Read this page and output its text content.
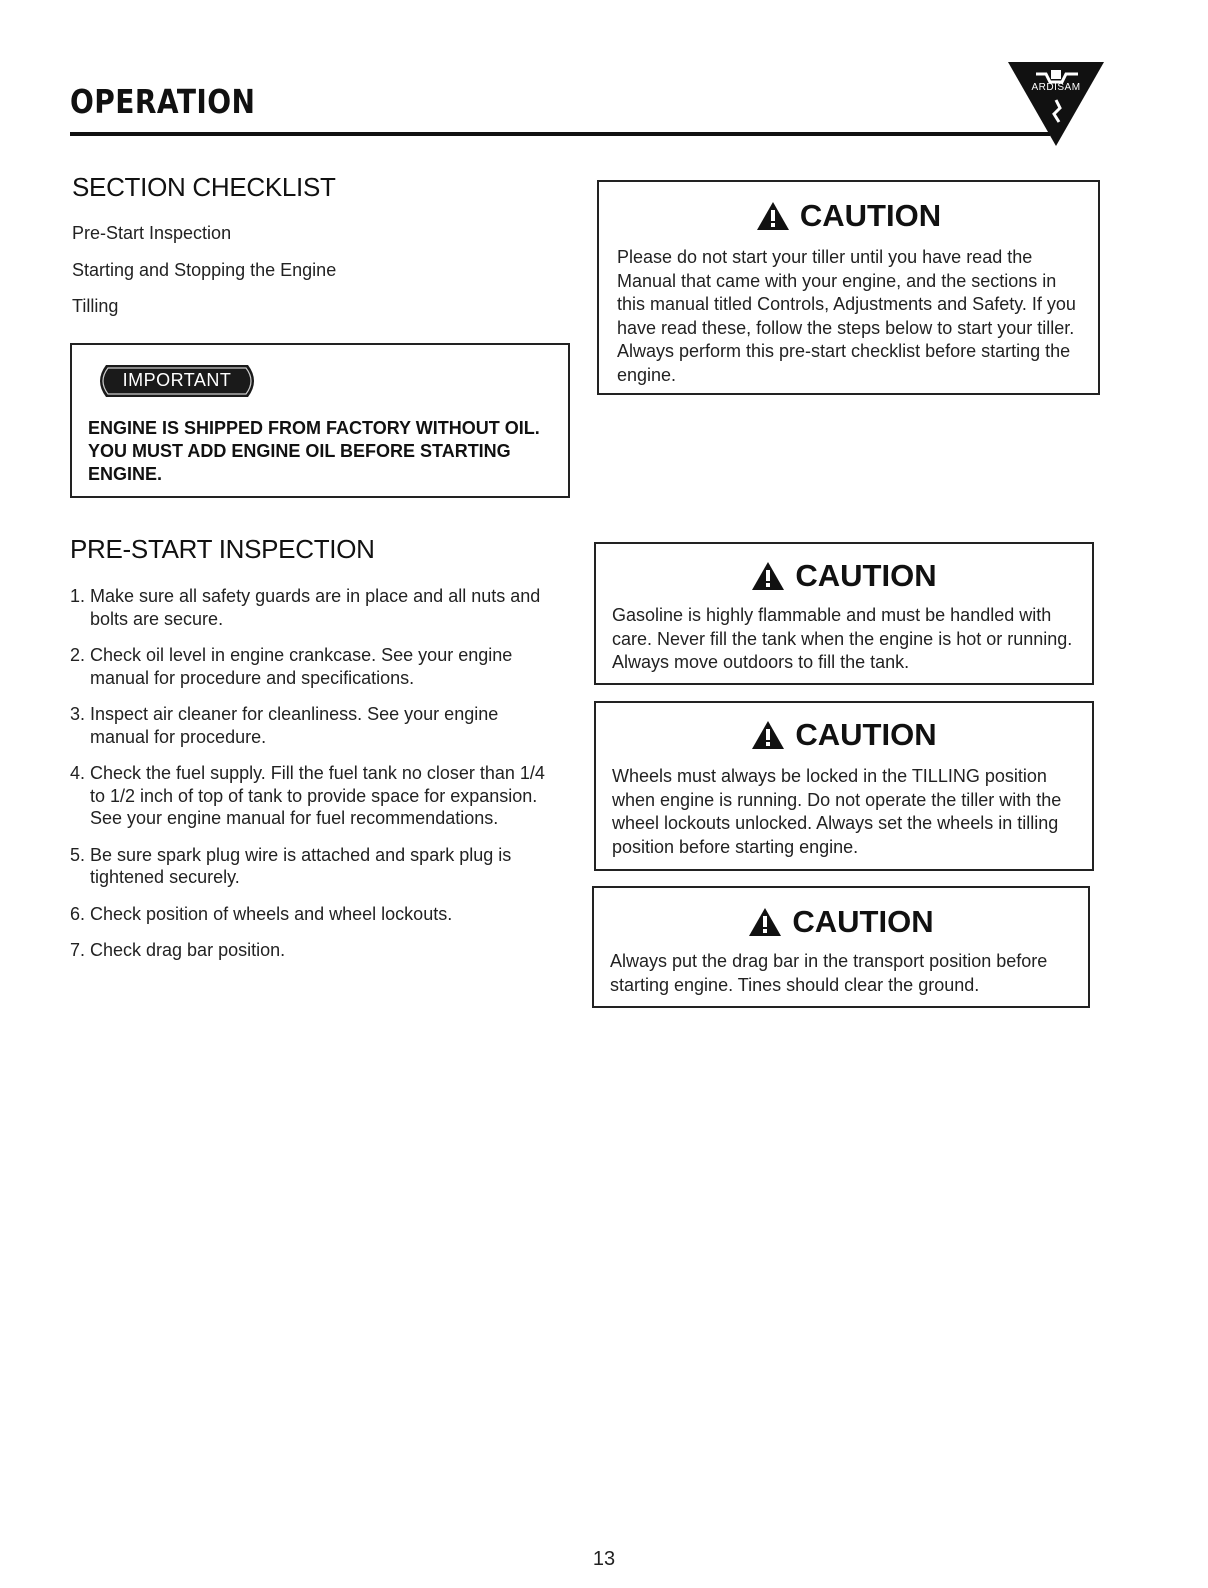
OPERATION	ARDISAM
SECTION CHECKLIST
Pre-Start Inspection
Starting and Stopping the Engine
Tilling
IMPORTANT
ENGINE IS SHIPPED FROM FACTORY WITHOUT OIL. YOU MUST ADD ENGINE OIL BEFORE STARTING ENGINE.
CAUTION
Please do not start your tiller until you have read the Manual that came with your engine, and the sections in this manual titled Controls, Adjustments and Safety. If you have read these, follow the steps below to start your tiller. Always perform this pre-start checklist before starting the engine.
PRE-START INSPECTION
1. Make sure all safety guards are in place and all nuts and bolts are secure.
2. Check oil level in engine crankcase. See your engine manual for procedure and specifications.
3. Inspect air cleaner for cleanliness. See your engine manual for procedure.
4. Check the fuel supply. Fill the fuel tank no closer than 1/4 to 1/2 inch of top of tank to provide space for expansion. See your engine manual for fuel recommendations.
5. Be sure spark plug wire is attached and spark plug is tightened securely.
6. Check position of wheels and wheel lockouts.
7. Check drag bar position.
CAUTION
Gasoline is highly flammable and must be handled with care. Never fill the tank when the engine is hot or running. Always move outdoors to fill the tank.
CAUTION
Wheels must always be locked in the TILLING position when engine is running. Do not operate the tiller with the wheel lockouts unlocked. Always set the wheels in tilling position before starting engine.
CAUTION
Always put the drag bar in the transport position before starting engine. Tines should clear the ground.
13
